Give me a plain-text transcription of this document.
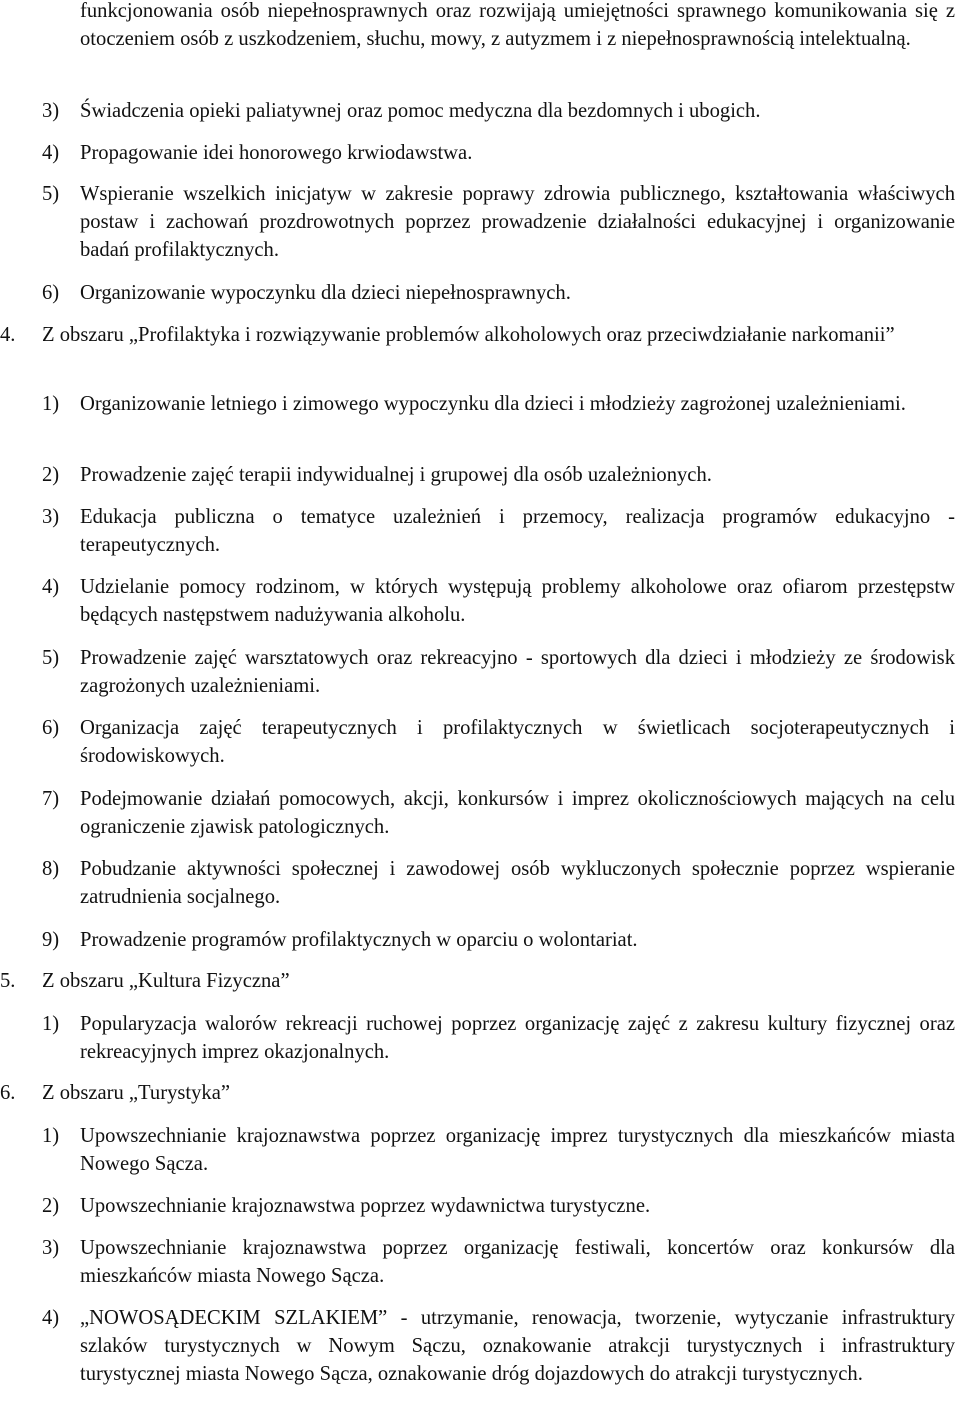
funkcjonowania osób niepełnosprawnych oraz rozwijają umiejętności sprawnego komunikowania się z otoczeniem osób z uszkodzeniem, słuchu, mowy, z autyzmem i z niepełnosprawnością intelektualną.

3)	Świadczenia opieki paliatywnej oraz pomoc medyczna dla bezdomnych i ubogich.
4)	Propagowanie idei honorowego krwiodawstwa.
5)	Wspieranie wszelkich inicjatyw w zakresie poprawy zdrowia publicznego, kształtowania właściwych postaw i zachowań prozdrowotnych poprzez prowadzenie działalności edukacyjnej i organizowanie badań profilaktycznych.
6)	Organizowanie wypoczynku dla dzieci niepełnosprawnych.
4.	Z obszaru „Profilaktyka i rozwiązywanie problemów alkoholowych oraz przeciwdziałanie narkomanii”
1)	Organizowanie letniego i zimowego wypoczynku dla dzieci i młodzieży zagrożonej uzależnieniami.
2)	Prowadzenie zajęć terapii indywidualnej i grupowej dla osób uzależnionych.
3)	Edukacja publiczna o tematyce uzależnień i przemocy, realizacja programów edukacyjno - terapeutycznych.
4)	Udzielanie pomocy rodzinom, w których występują problemy alkoholowe oraz ofiarom przestępstw będących następstwem nadużywania alkoholu.
5)	Prowadzenie zajęć warsztatowych oraz rekreacyjno - sportowych dla dzieci i młodzieży ze środowisk zagrożonych uzależnieniami.
6)	Organizacja zajęć terapeutycznych i profilaktycznych w świetlicach socjoterapeutycznych i środowiskowych.
7)	Podejmowanie działań pomocowych, akcji, konkursów i imprez okolicznościowych mających na celu ograniczenie zjawisk patologicznych.
8)	Pobudzanie aktywności społecznej i zawodowej osób wykluczonych społecznie poprzez wspieranie zatrudnienia socjalnego.
9)	Prowadzenie programów profilaktycznych w oparciu o wolontariat.
5.	Z obszaru „Kultura Fizyczna”
1)	Popularyzacja walorów rekreacji ruchowej poprzez organizację zajęć z zakresu kultury fizycznej oraz rekreacyjnych imprez okazjonalnych.
6.	Z obszaru „Turystyka”
1)	Upowszechnianie krajoznawstwa poprzez organizację imprez turystycznych dla mieszkańców miasta Nowego Sącza.
2)	Upowszechnianie krajoznawstwa poprzez wydawnictwa turystyczne.
3)	Upowszechnianie krajoznawstwa poprzez organizację festiwali, koncertów oraz konkursów dla mieszkańców miasta Nowego Sącza.
4)	„NOWOSĄDECKIM SZLAKIEM” - utrzymanie, renowacja, tworzenie, wytyczanie infrastruktury szlaków turystycznych w Nowym Sączu, oznakowanie atrakcji turystycznych i infrastruktury turystycznej miasta Nowego Sącza, oznakowanie dróg dojazdowych do atrakcji turystycznych.
